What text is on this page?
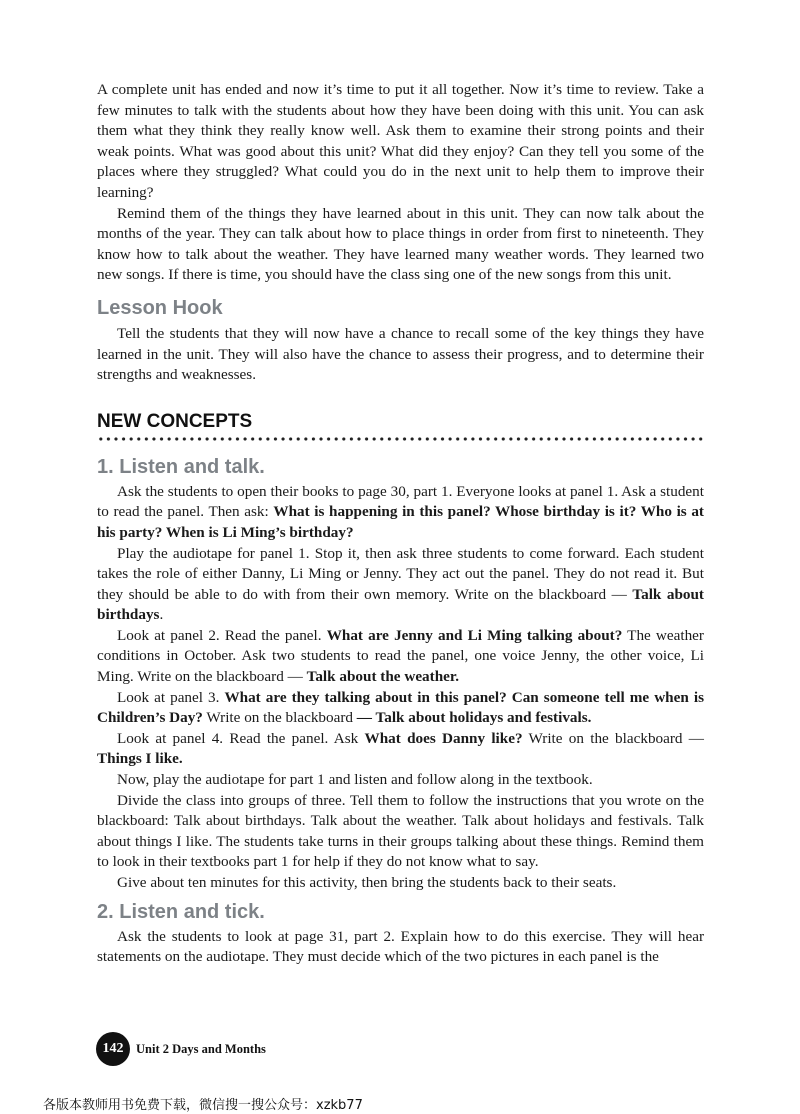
A complete unit has ended and now it’s time to put it all together. Now it’s time to review. Take a few minutes to talk with the students about how they have been doing with this unit. You can ask them what they think they really know well. Ask them to examine their strong points and their weak points. What was good about this unit? What did they enjoy? Can they tell you some of the places where they struggled? What could you do in the next unit to help them to improve their learning?

Remind them of the things they have learned about in this unit. They can now talk about the months of the year. They can talk about how to place things in order from first to nineteenth. They know how to talk about the weather. They have learned many weather words. They learned two new songs. If there is time, you should have the class sing one of the new songs from this unit.

Lesson Hook

Tell the students that they will now have a chance to recall some of the key things they have learned in the unit. They will also have the chance to assess their progress, and to determine their strengths and weaknesses.

NEW CONCEPTS
1. Listen and talk.

Ask the students to open their books to page 30, part 1. Everyone looks at panel 1. Ask a student to read the panel. Then ask: What is happening in this panel? Whose birthday is it? Who is at his party? When is Li Ming’s birthday?

Play the audiotape for panel 1. Stop it, then ask three students to come forward. Each student takes the role of either Danny, Li Ming or Jenny. They act out the panel. They do not read it. But they should be able to do with from their own memory. Write on the blackboard — Talk about birthdays.

Look at panel 2. Read the panel. What are Jenny and Li Ming talking about? The weather conditions in October. Ask two students to read the panel, one voice Jenny, the other voice, Li Ming. Write on the blackboard — Talk about the weather.

Look at panel 3. What are they talking about in this panel? Can someone tell me when is Children’s Day? Write on the blackboard — Talk about holidays and festivals.

Look at panel 4. Read the panel. Ask What does Danny like? Write on the blackboard — Things I like.

Now, play the audiotape for part 1 and listen and follow along in the textbook.

Divide the class into groups of three. Tell them to follow the instructions that you wrote on the blackboard: Talk about birthdays. Talk about the weather. Talk about holidays and festivals. Talk about things I like. The students take turns in their groups talking about these things. Remind them to look in their textbooks part 1 for help if they do not know what to say.

Give about ten minutes for this activity, then bring the students back to their seats.

2. Listen and tick.

Ask the students to look at page 31, part 2. Explain how to do this exercise. They will hear statements on the audiotape. They must decide which of the two pictures in each panel is the

142	Unit 2 Days and Months
各版本教师用书免费下载，微信搜一搜公众号：xzkb77
